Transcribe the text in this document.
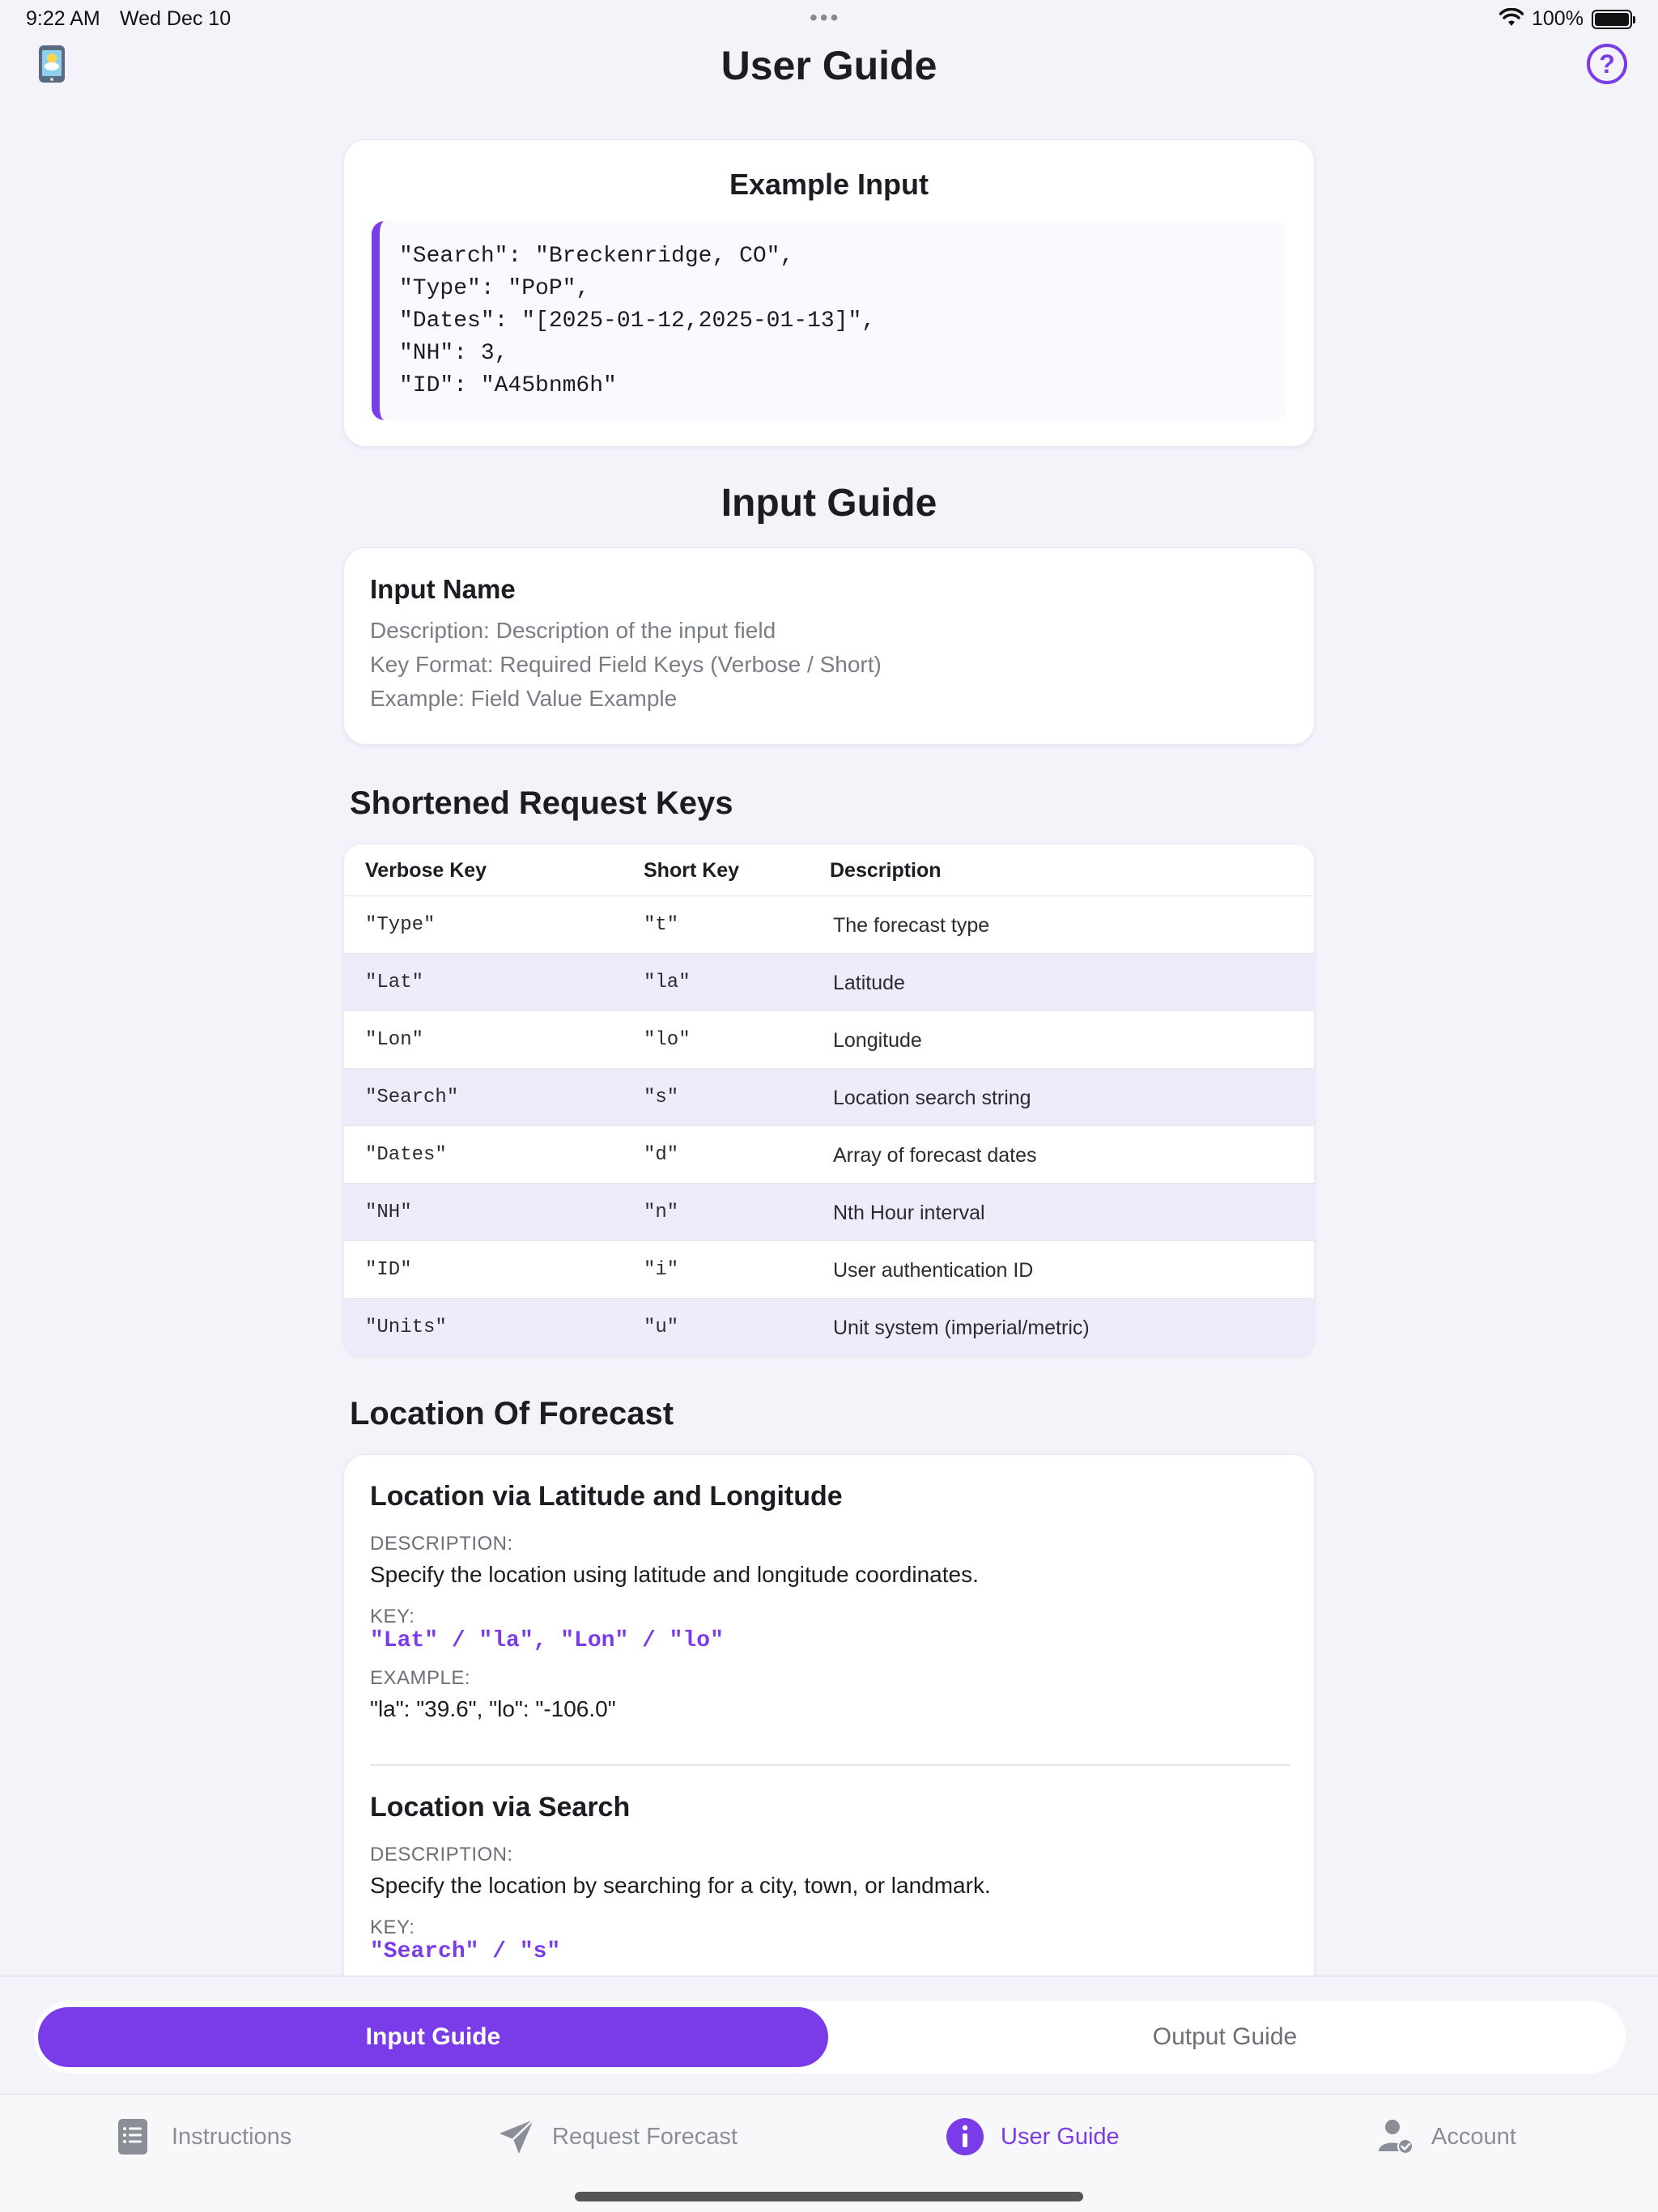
9:22 AM Wed Dec 10	•••	100%
User Guide	?
Example Input
"Search": "Breckenridge, CO",
"Type": "PoP",
"Dates": "[2025-01-12,2025-01-13]",
"NH": 3,
"ID": "A45bnm6h"
Input Guide
Input Name
Description: Description of the input field
Key Format: Required Field Keys (Verbose / Short)
Example: Field Value Example
Shortened Request Keys
Verbose Key	Short Key	Description
"Type"	"t"	The forecast type
"Lat"	"la"	Latitude
"Lon"	"lo"	Longitude
"Search"	"s"	Location search string
"Dates"	"d"	Array of forecast dates
"NH"	"n"	Nth Hour interval
"ID"	"i"	User authentication ID
"Units"	"u"	Unit system (imperial/metric)
Location Of Forecast
Location via Latitude and Longitude
DESCRIPTION:
Specify the location using latitude and longitude coordinates.
KEY:
"Lat" / "la", "Lon" / "lo"
EXAMPLE:
"la": "39.6", "lo": "-106.0"
Location via Search
DESCRIPTION:
Specify the location by searching for a city, town, or landmark.
KEY:
"Search" / "s"
Input Guide	Output Guide
Instructions	Request Forecast	User Guide	Account
